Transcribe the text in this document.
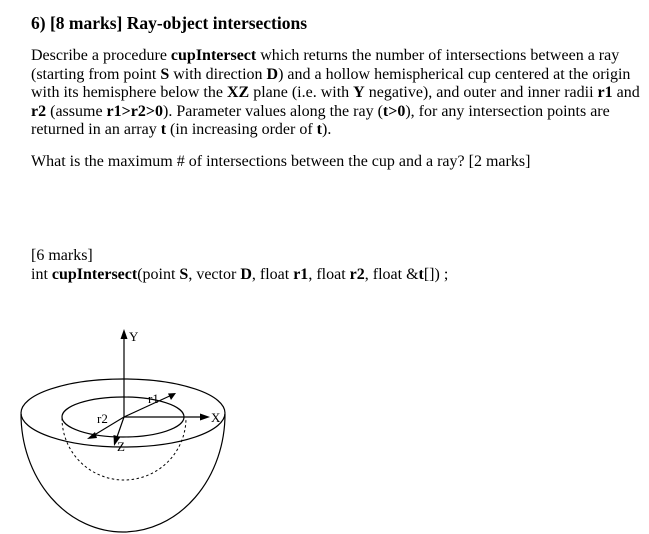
6) [8 marks] Ray-object intersections
Describe a procedure cupIntersect which returns the number of intersections between a ray
(starting from point S with direction D) and a hollow hemispherical cup centered at the origin
with its hemisphere below the XZ plane (i.e. with Y negative), and outer and inner radii r1 and
r2 (assume r1>r2>0). Parameter values along the ray (t>0), for any intersection points are
returned in an array t (in increasing order of t).
What is the maximum # of intersections between the cup and a ray? [2 marks]
[6 marks]
int cupIntersect(point S, vector D, float r1, float r2, float &t[]) ;
Y
X
Z
r1
r2
